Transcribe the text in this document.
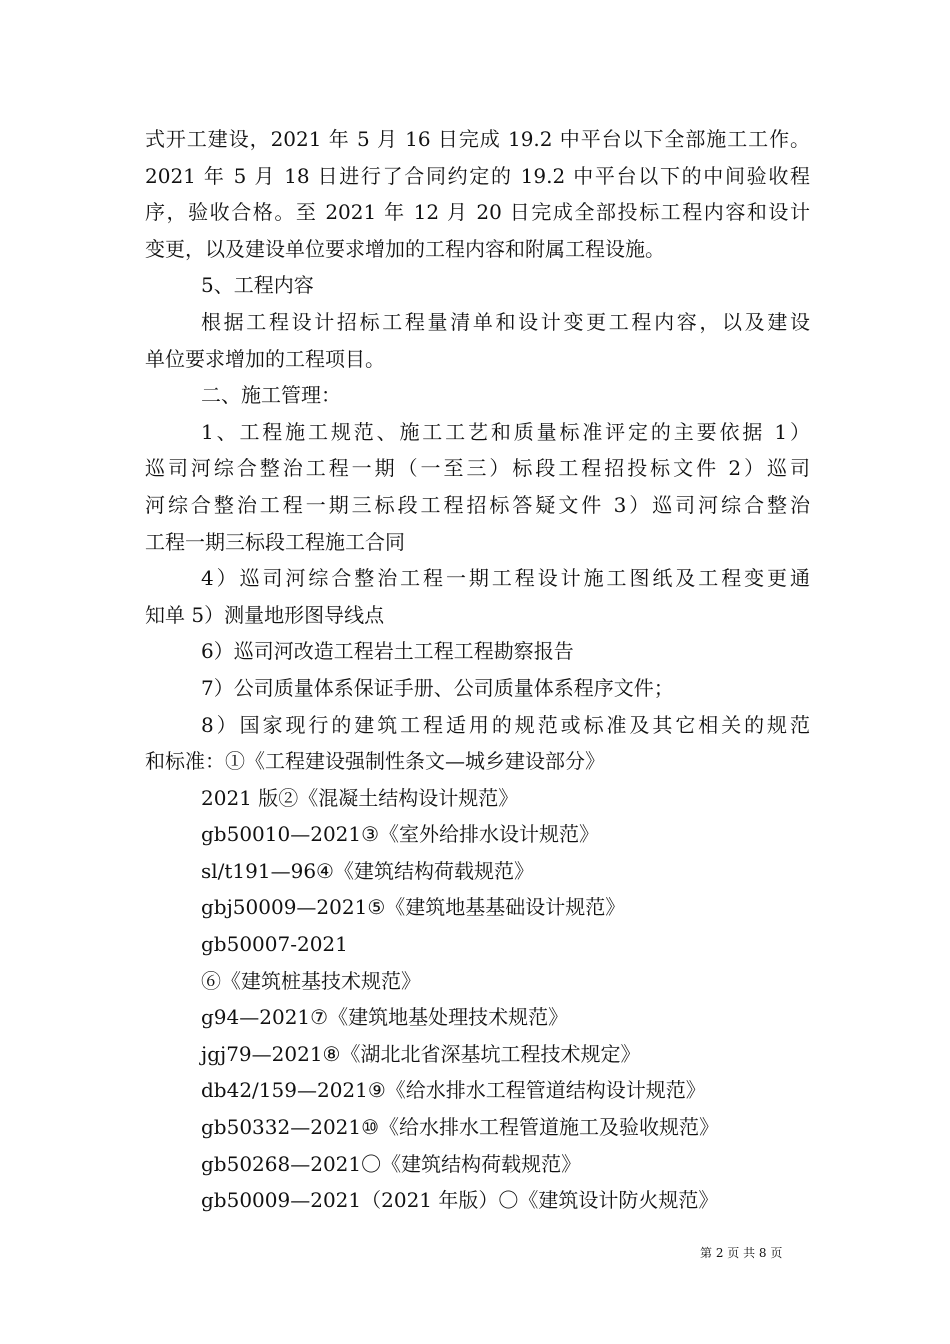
式开工建设，2021 年 5 月 16 日完成 19.2 中平台以下全部施工工作。
2021 年 5 月 18 日进行了合同约定的 19.2 中平台以下的中间验收程
序，验收合格。至 2021 年 12 月 20 日完成全部投标工程内容和设计
变更，以及建设单位要求增加的工程内容和附属工程设施。
5、工程内容
根据工程设计招标工程量清单和设计变更工程内容，以及建设
单位要求增加的工程项目。
二、施工管理：
1、工程施工规范、施工工艺和质量标准评定的主要依据 1）
巡司河综合整治工程一期（一至三）标段工程招投标文件 2）巡司
河综合整治工程一期三标段工程招标答疑文件 3）巡司河综合整治
工程一期三标段工程施工合同
4）巡司河综合整治工程一期工程设计施工图纸及工程变更通
知单 5）测量地形图导线点
6）巡司河改造工程岩土工程工程勘察报告
7）公司质量体系保证手册、公司质量体系程序文件；
8）国家现行的建筑工程适用的规范或标准及其它相关的规范
和标准：①《工程建设强制性条文—城乡建设部分》
2021 版②《混凝土结构设计规范》
gb50010—2021③《室外给排水设计规范》
sl/t191—96④《建筑结构荷载规范》
gbj50009—2021⑤《建筑地基基础设计规范》
gb50007-2021
⑥《建筑桩基技术规范》
g94—2021⑦《建筑地基处理技术规范》
jgj79—2021⑧《湖北北省深基坑工程技术规定》
db42/159—2021⑨《给水排水工程管道结构设计规范》
gb50332—2021⑩《给水排水工程管道施工及验收规范》
gb50268—2021〇《建筑结构荷载规范》
gb50009—2021（2021 年版）〇《建筑设计防火规范》
第 2 页 共 8 页
